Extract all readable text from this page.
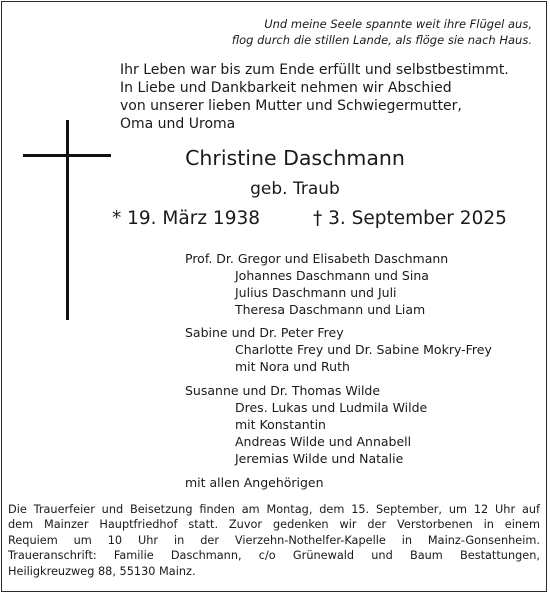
Und meine Seele spannte weit ihre Flügel aus,
flog durch die stillen Lande, als flöge sie nach Haus.
Ihr Leben war bis zum Ende erfüllt und selbstbestimmt.
In Liebe und Dankbarkeit nehmen wir Abschied
von unserer lieben Mutter und Schwiegermutter,
Oma und Uroma
Christine Daschmann
geb. Traub
* 19. März 1938	† 3. September 2025
Prof. Dr. Gregor und Elisabeth Daschmann
Johannes Daschmann und Sina
Julius Daschmann und Juli
Theresa Daschmann und Liam
Sabine und Dr. Peter Frey
Charlotte Frey und Dr. Sabine Mokry-Frey
mit Nora und Ruth
Susanne und Dr. Thomas Wilde
Dres. Lukas und Ludmila Wilde
mit Konstantin
Andreas Wilde und Annabell
Jeremias Wilde und Natalie
mit allen Angehörigen
Die Trauerfeier und Beisetzung finden am Montag, dem 15. September, um 12 Uhr auf
dem Mainzer Hauptfriedhof statt. Zuvor gedenken wir der Verstorbenen in einem
Requiem um 10 Uhr in der Vierzehn-Nothelfer-Kapelle in Mainz-Gonsenheim.
Traueranschrift: Familie Daschmann, c/o Grünewald und Baum Bestattungen,
Heiligkreuzweg 88, 55130 Mainz.
